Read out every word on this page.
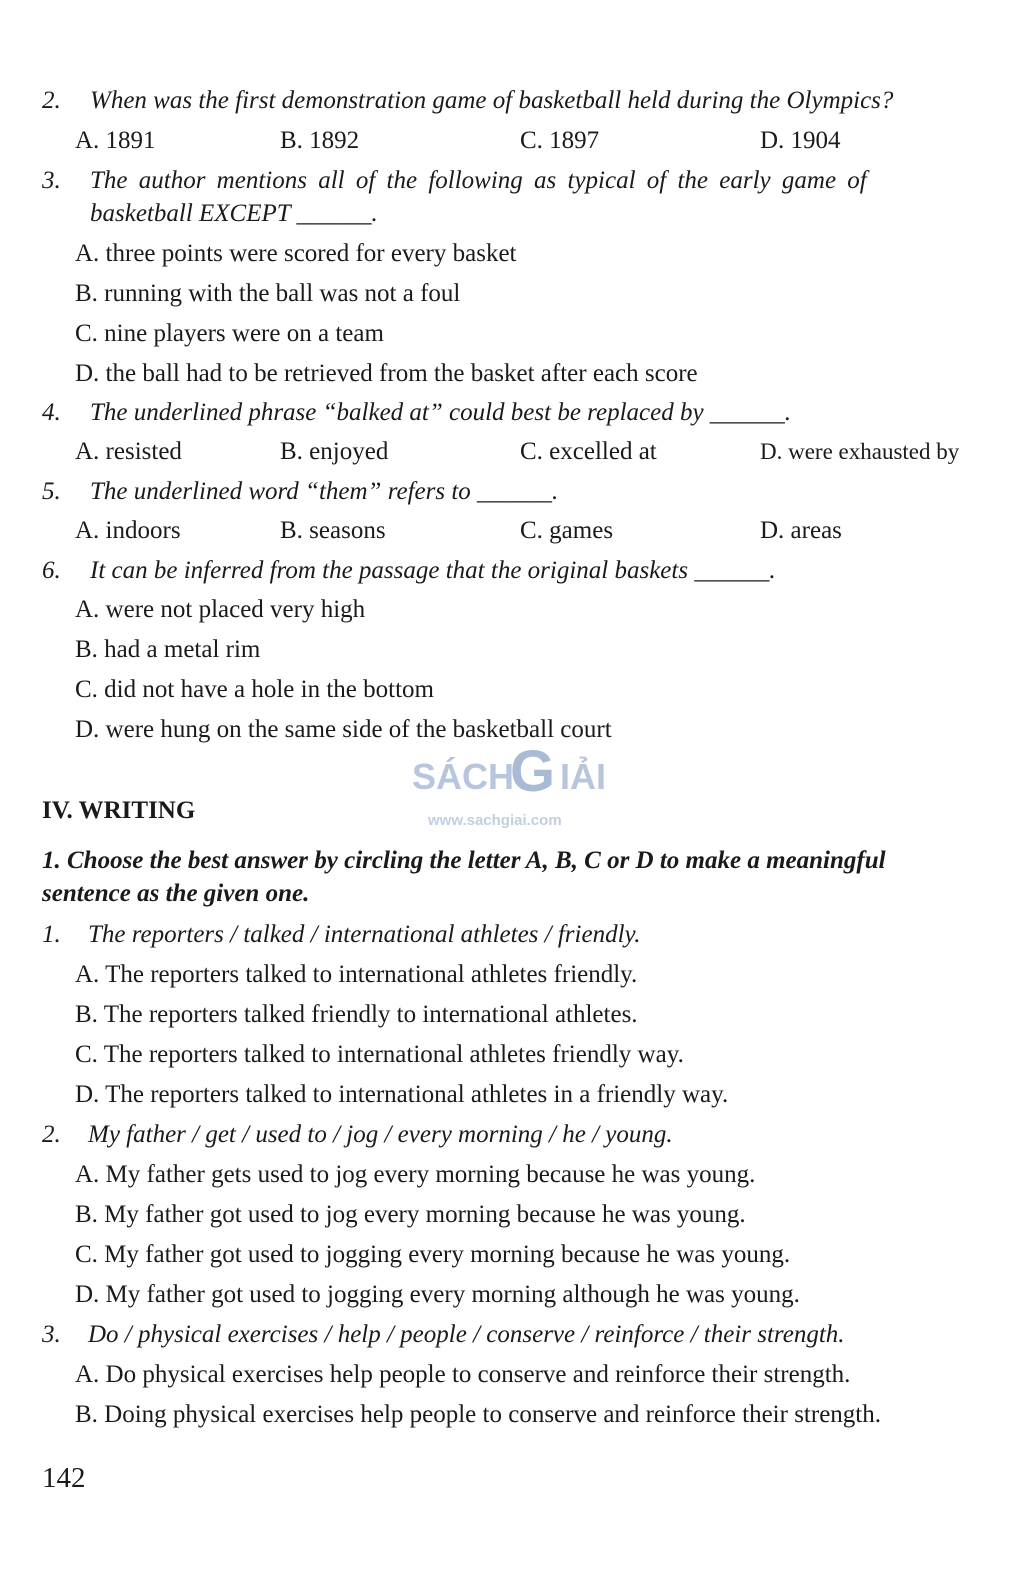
2. When was the first demonstration game of basketball held during the Olympics?
A. 1891	B. 1892	C. 1897	D. 1904
3. The author mentions all of the following as typical of the early game of
basketball EXCEPT ______.
A. three points were scored for every basket
B. running with the ball was not a foul
C. nine players were on a team
D. the ball had to be retrieved from the basket after each score
4. The underlined phrase “balked at” could best be replaced by ______.
A. resisted	B. enjoyed	C. excelled at	D. were exhausted by
5. The underlined word “them” refers to ______.
A. indoors	B. seasons	C. games	D. areas
6. It can be inferred from the passage that the original baskets ______.
A. were not placed very high
B. had a metal rim
C. did not have a hole in the bottom
D. were hung on the same side of the basketball court
SÁCH
G IẢI
www.sachgiai.com
IV. WRITING
1. Choose the best answer by circling the letter A, B, C or D to make a meaningful
sentence as the given one.
1. The reporters / talked / international athletes / friendly.
A. The reporters talked to international athletes friendly.
B. The reporters talked friendly to international athletes.
C. The reporters talked to international athletes friendly way.
D. The reporters talked to international athletes in a friendly way.
2. My father / get / used to / jog / every morning / he / young.
A. My father gets used to jog every morning because he was young.
B. My father got used to jog every morning because he was young.
C. My father got used to jogging every morning because he was young.
D. My father got used to jogging every morning although he was young.
3. Do / physical exercises / help / people / conserve / reinforce / their strength.
A. Do physical exercises help people to conserve and reinforce their strength.
B. Doing physical exercises help people to conserve and reinforce their strength.
142
